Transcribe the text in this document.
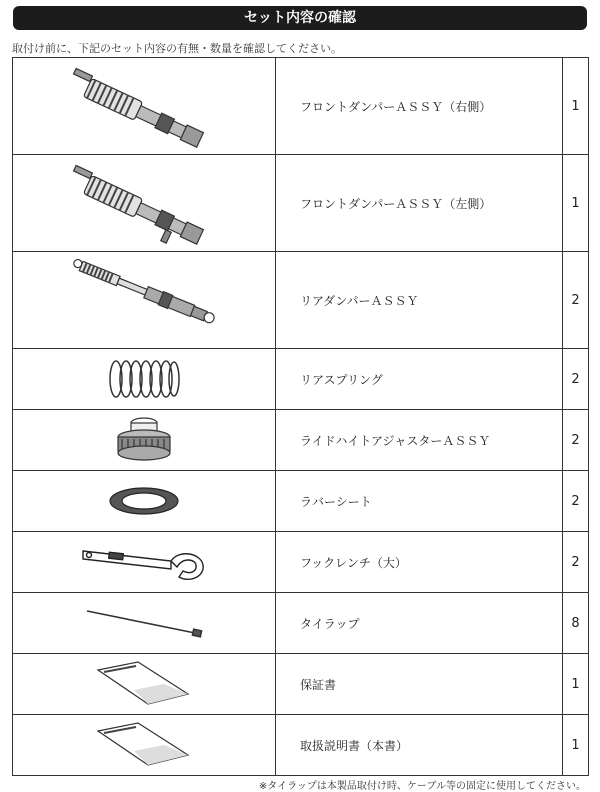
セット内容の確認
取付け前に、下記のセット内容の有無・数量を確認してください。
	フロントダンパーＡＳＳＹ（右側）	1

	フロントダンパーＡＳＳＹ（左側）	1

	リアダンパーＡＳＳＹ	2

	リアスプリング	2

	ライドハイトアジャスターＡＳＳＹ	2

	ラバーシート	2

	フックレンチ（大）	2

	タイラップ	8

	保証書	1

	取扱説明書（本書）	1
※タイラップは本製品取付け時、ケーブル等の固定に使用してください。
